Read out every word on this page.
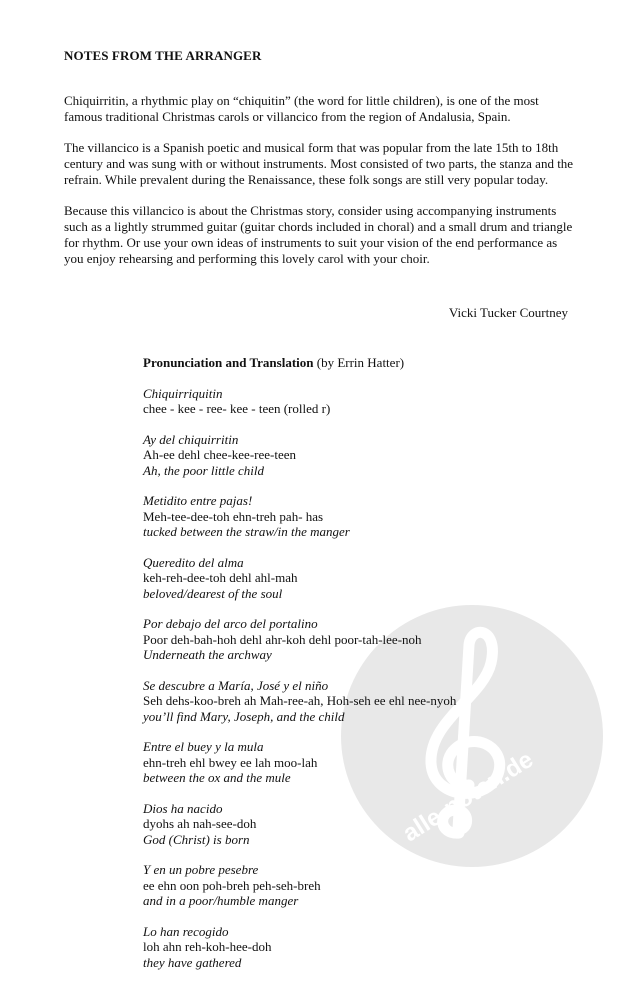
NOTES FROM THE ARRANGER

Chiquirritin, a rhythmic play on “chiquitin” (the word for little children), is one of the most famous traditional Christmas carols or villancico from the region of Andalusia, Spain.

The villancico is a Spanish poetic and musical form that was popular from the late 15th to 18th century and was sung with or without instruments. Most consisted of two parts, the stanza and the refrain. While prevalent during the Renaissance, these folk songs are still very popular today.

Because this villancico is about the Christmas story, consider using accompanying instruments such as a lightly strummed guitar (guitar chords included in choral) and a small drum and triangle for rhythm. Or use your own ideas of instruments to suit your vision of the end performance as you enjoy rehearsing and performing this lovely carol with your choir.

Vicki Tucker Courtney
alle-noten.de
Pronunciation and Translation (by Errin Hatter)
Chiquirriquitin
chee - kee - ree- kee - teen (rolled r)
Ay del chiquirritin
Ah-ee dehl chee-kee-ree-teen
Ah, the poor little child
Metidito entre pajas!
Meh-tee-dee-toh ehn-treh pah- has
tucked between the straw/in the manger
Queredito del alma
keh-reh-dee-toh dehl ahl-mah
beloved/dearest of the soul
Por debajo del arco del portalino
Poor deh-bah-hoh dehl ahr-koh dehl poor-tah-lee-noh
Underneath the archway
Se descubre a María, José y el niño
Seh dehs-koo-breh ah Mah-ree-ah, Hoh-seh ee ehl nee-nyoh
you’ll find Mary, Joseph, and the child
Entre el buey y la mula
ehn-treh ehl bwey ee lah moo-lah
between the ox and the mule
Dios ha nacido
dyohs ah nah-see-doh
God (Christ) is born
Y en un pobre pesebre
ee ehn oon poh-breh peh-seh-breh
and in a poor/humble manger
Lo han recogido
loh ahn reh-koh-hee-doh
they have gathered
